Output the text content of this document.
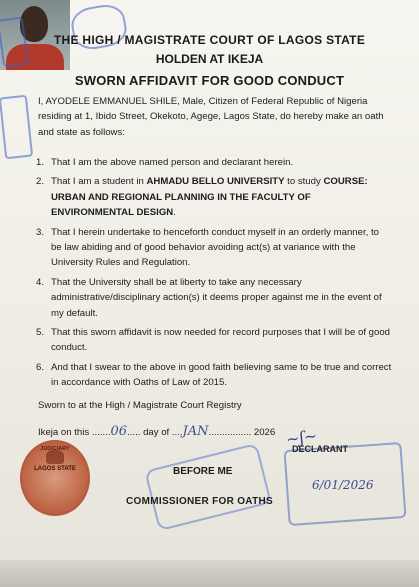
THE HIGH / MAGISTRATE COURT OF LAGOS STATE
HOLDEN AT IKEJA
SWORN AFFIDAVIT FOR GOOD CONDUCT
I, AYODELE EMMANUEL SHILE, Male, Citizen of Federal Republic of Nigeria residing at 1, Ibido Street, Okekoto, Agege, Lagos State, do hereby make an oath and state as follows:
1. That I am the above named person and declarant herein.
2. That I am a student in AHMADU BELLO UNIVERSITY to study COURSE: URBAN AND REGIONAL PLANNING IN THE FACULTY OF ENVIRONMENTAL DESIGN.
3. That I herein undertake to henceforth conduct myself in an orderly manner, to be law abiding and of good behavior avoiding act(s) at variance with the University Rules and Regulation.
4. That the University shall be at liberty to take any necessary administrative/disciplinary action(s) it deems proper against me in the event of my default.
5. That this sworn affidavit is now needed for record purposes that I will be of good conduct.
6. And that I swear to the above in good faith believing same to be true and correct in accordance with Oaths of Law of 2015.
Sworn to at the High / Magistrate Court Registry
Ikeja on this .......06..... day of ....JAN................ 2026
JUDICIARY
LAGOS STATE	BEFORE ME
COMMISSIONER FOR OATHS
~ʃ~
DECLARANT
6/01/2026
